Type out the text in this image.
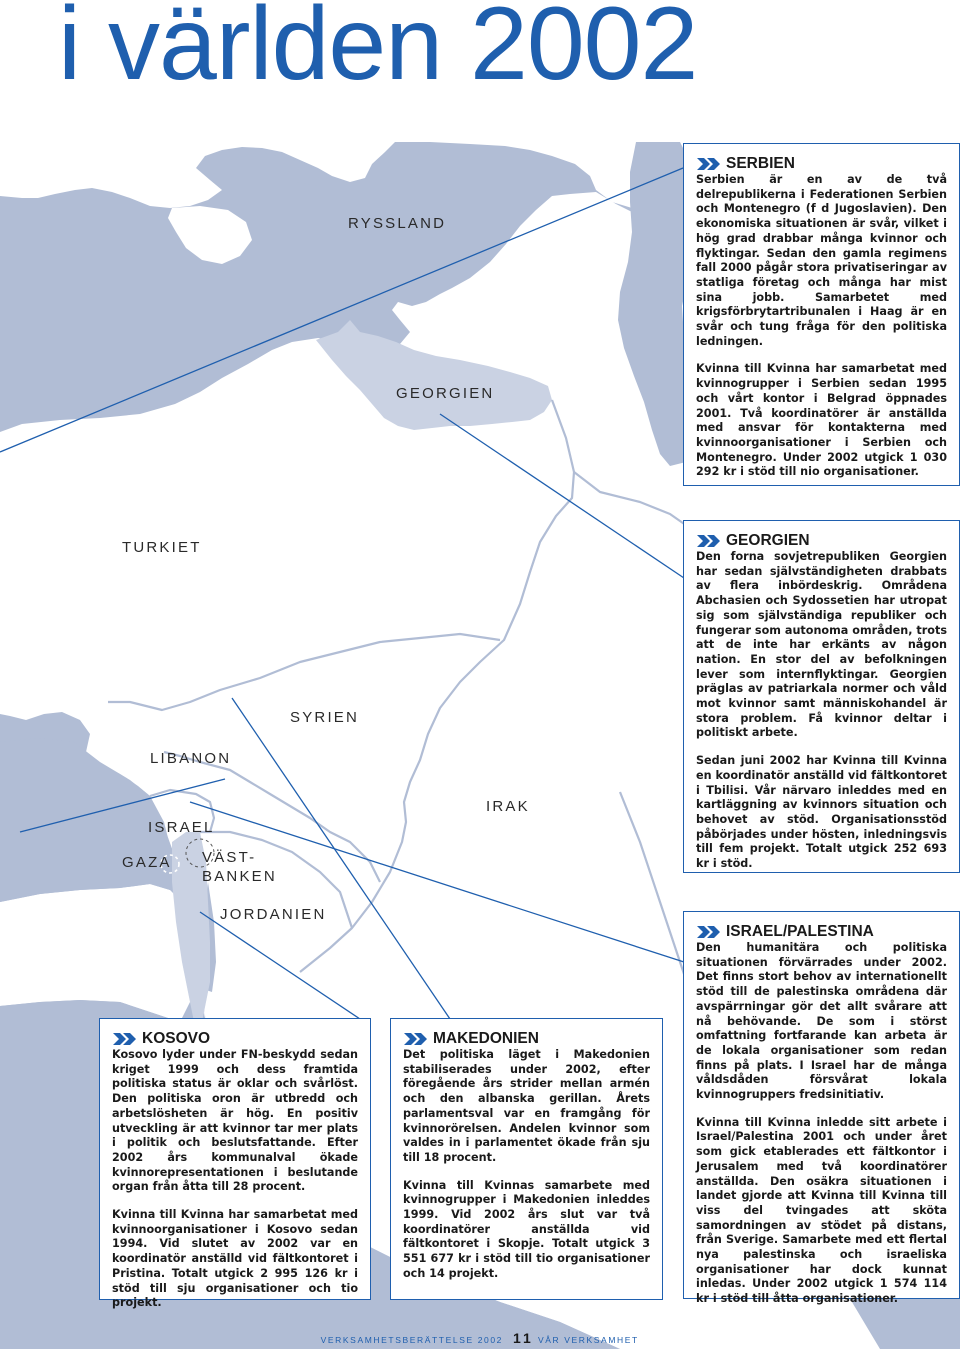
i världen 2002
RYSSLAND
GEORGIEN
TURKIET
SYRIEN
LIBANON
ISRAEL
GAZA VÄST-
BANKEN
JORDANIEN
IRAK
SERBIEN

Serbien är en av de två delrepublikerna i Federationen Serbien och Montenegro (f d Jugoslavien). Den ekonomiska situationen är svår, vilket i hög grad drabbar många kvinnor och flyktingar. Sedan den gamla regimens fall 2000 pågår stora privatiseringar av statliga företag och många har mist sina jobb. Samarbetet med krigsförbrytartribunalen i Haag är en svår och tung fråga för den politiska ledningen.

Kvinna till Kvinna har samarbetat med kvinnogrupper i Serbien sedan 1995 och vårt kontor i Belgrad öppnades 2001. Två koordinatörer är anställda med ansvar för kontakterna med kvinnoorganisationer i Serbien och Montenegro. Under 2002 utgick 1 030 292 kr i stöd till nio organisationer.

GEORGIEN

Den forna sovjetrepubliken Georgien har sedan självständigheten drabbats av flera inbördeskrig. Områdena Abchasien och Sydossetien har utropat sig som självständiga republiker och fungerar som autonoma områden, trots att de inte har erkänts av någon nation. En stor del av befolkningen lever som internflyktingar. Georgien präglas av patriarkala normer och våld mot kvinnor samt människohandel är stora problem. Få kvinnor deltar i politiskt arbete.

Sedan juni 2002 har Kvinna till Kvinna en koordinatör anställd vid fältkontoret i Tbilisi. Vår närvaro inleddes med en kartläggning av kvinnors situation och behovet av stöd. Organisationsstöd påbörjades under hösten, inledningsvis till fem projekt. Totalt utgick 252 693 kr i stöd.

ISRAEL/PALESTINA

Den humanitära och politiska situationen förvärrades under 2002. Det finns stort behov av internationellt stöd till de palestinska områdena där avspärrningar gör det allt svårare att nå behövande. De som i störst omfattning fortfarande kan arbeta är de lokala organisationer som redan finns på plats. I Israel har de många våldsdåden försvårat lokala kvinnogruppers fredsinitiativ.

Kvinna till Kvinna inledde sitt arbete i Israel/Palestina 2001 och under året som gick etablerades ett fältkontor i Jerusalem med två koordinatörer anställda. Den osäkra situationen i landet gjorde att Kvinna till Kvinna till viss del tvingades att sköta samordningen av stödet på distans, från Sverige. Samarbete med ett flertal nya palestinska och israeliska organisationer har dock kunnat inledas. Under 2002 utgick 1 574 114 kr i stöd till åtta organisationer.

KOSOVO

Kosovo lyder under FN-beskydd sedan kriget 1999 och dess framtida politiska status är oklar och svårlöst. Den politiska oron är utbredd och arbetslösheten är hög. En positiv utveckling är att kvinnor tar mer plats i politik och beslutsfattande. Efter 2002 års kommunalval ökade kvinnorepresentationen i beslutande organ från åtta till 28 procent.

Kvinna till Kvinna har samarbetat med kvinnoorganisationer i Kosovo sedan 1994. Vid slutet av 2002 var en koordinatör anställd vid fältkontoret i Pristina. Totalt utgick 2 995 126 kr i stöd till sju organisationer och tio projekt.

MAKEDONIEN

Det politiska läget i Makedonien stabiliserades under 2002, efter föregående års strider mellan armén och den albanska gerillan. Årets parlamentsval var en framgång för kvinnorörelsen. Andelen kvinnor som valdes in i parlamentet ökade från sju till 18 procent.

Kvinna till Kvinnas samarbete med kvinnogrupper i Makedonien inleddes 1999. Vid 2002 års slut var två koordinatörer anställda vid fältkontoret i Skopje. Totalt utgick 3 551 677 kr i stöd till tio organisationer och 14 projekt.

VERKSAMHETSBERÄTTELSE 2002 11 VÅR VERKSAMHET
